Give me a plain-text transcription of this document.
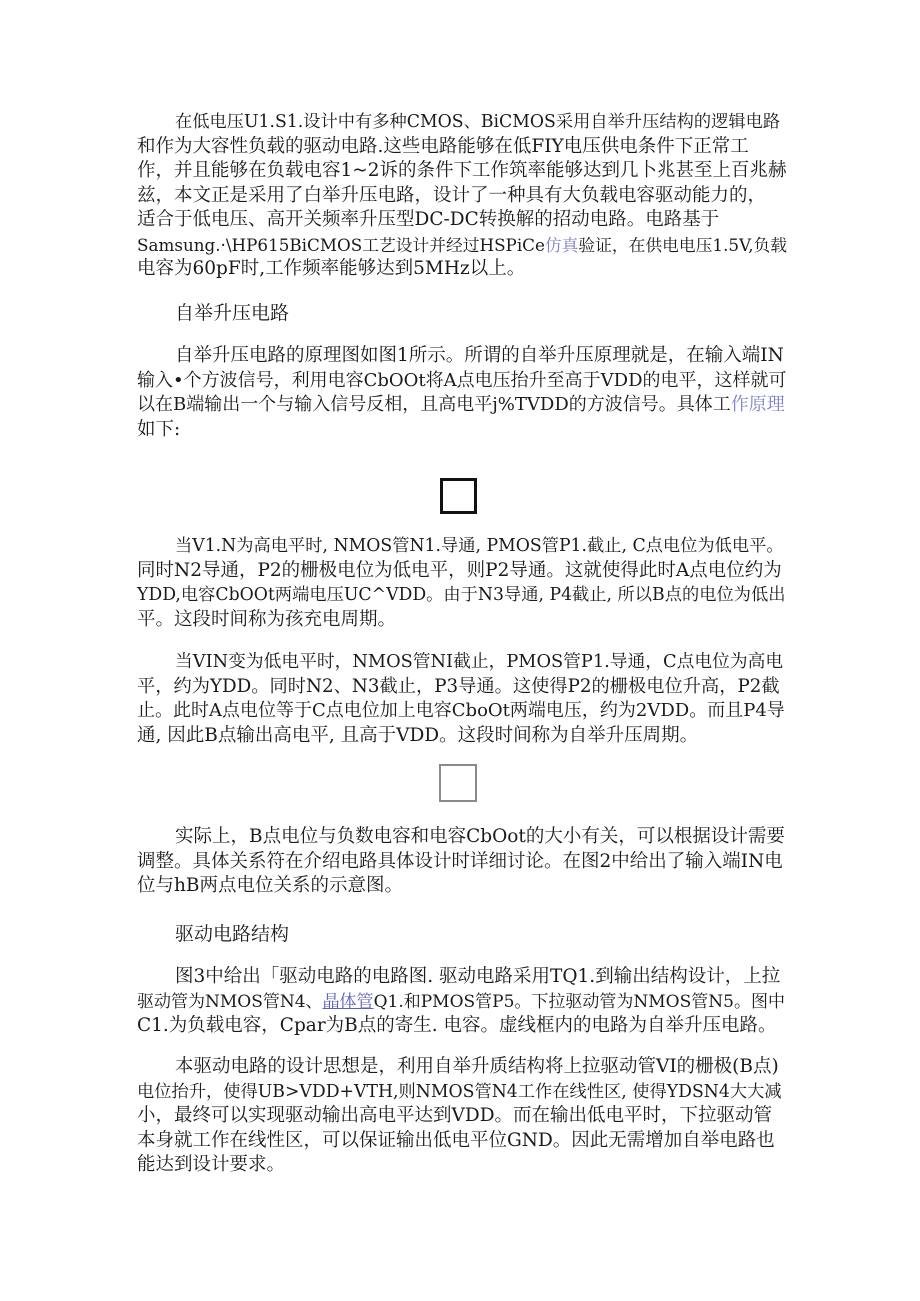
在低电压U1.S1.设计中有多种CMOS、BiCMOS采用自举升压结构的逻辑电路
和作为大容性负载的驱动电路.这些电路能够在低FIY电压供电条件下正常工
作，并且能够在负载电容1~2诉的条件下工作筑率能够达到几卜兆甚至上百兆赫
兹，本文正是采用了白举升压电路，设计了一种具有大负载电容驱动能力的，
适合于低电压、高开关频率升压型DC-DC转换解的招动电路。电路基于
Samsung.·\HP615BiCMOS工艺设计并经过HSPiCe仿真验证，在供电电压1.5V,负载
电容为60pF时,工作频率能够达到5MHz以上。
自举升压电路
自举升压电路的原理图如图1所示。所谓的自举升压原理就是，在输入端IN
输入•个方波信号，利用电容CbOOt将A点电压抬升至高于VDD的电平，这样就可
以在B端输出一个与输入信号反相，且高电平j%TVDD的方波信号。具体工作原理
如下:
当V1.N为高电平时, NMOS管N1.导通, PMOS管P1.截止, C点电位为低电平。
同时N2导通，P2的栅极电位为低电平，则P2导通。这就使得此时A点电位约为
YDD,电容CbOOt两端电压UC^VDD。由于N3导通, P4截止, 所以B点的电位为低出
平。这段时间称为孩充电周期。
当VIN变为低电平时，NMOS管NI截止，PMOS管P1.导通，C点电位为高电
平，约为YDD。同时N2、N3截止，P3导通。这使得P2的栅极电位升高，P2截
止。此时A点电位等于C点电位加上电容CboOt两端电压，约为2VDD。而且P4导
通, 因此B点输出高电平, 且高于VDD。这段时间称为自举升压周期。
实际上，B点电位与负数电容和电容CbOot的大小有关，可以根据设计需要
调整。具体关系符在介绍电路具体设计时详细讨论。在图2中给出了输入端IN电
位与hB两点电位关系的示意图。
驱动电路结构
图3中给出「驱动电路的电路图. 驱动电路采用TQ1.到输出结构设计，上拉
驱动管为NMOS管N4、晶体管Q1.和PMOS管P5。下拉驱动管为NMOS管N5。图中
C1.为负载电容，Cpar为B点的寄生. 电容。虚线框内的电路为自举升压电路。
本驱动电路的设计思想是，利用自举升质结构将上拉驱动管VI的栅极(B点)
电位抬升，使得UB>VDD+VTH,则NMOS管N4工作在线性区, 使得YDSN4大大减
小，最终可以实现驱动输出高电平达到VDD。而在输出低电平时，下拉驱动管
本身就工作在线性区，可以保证输出低电平位GND。因此无需增加自举电路也
能达到设计要求。
